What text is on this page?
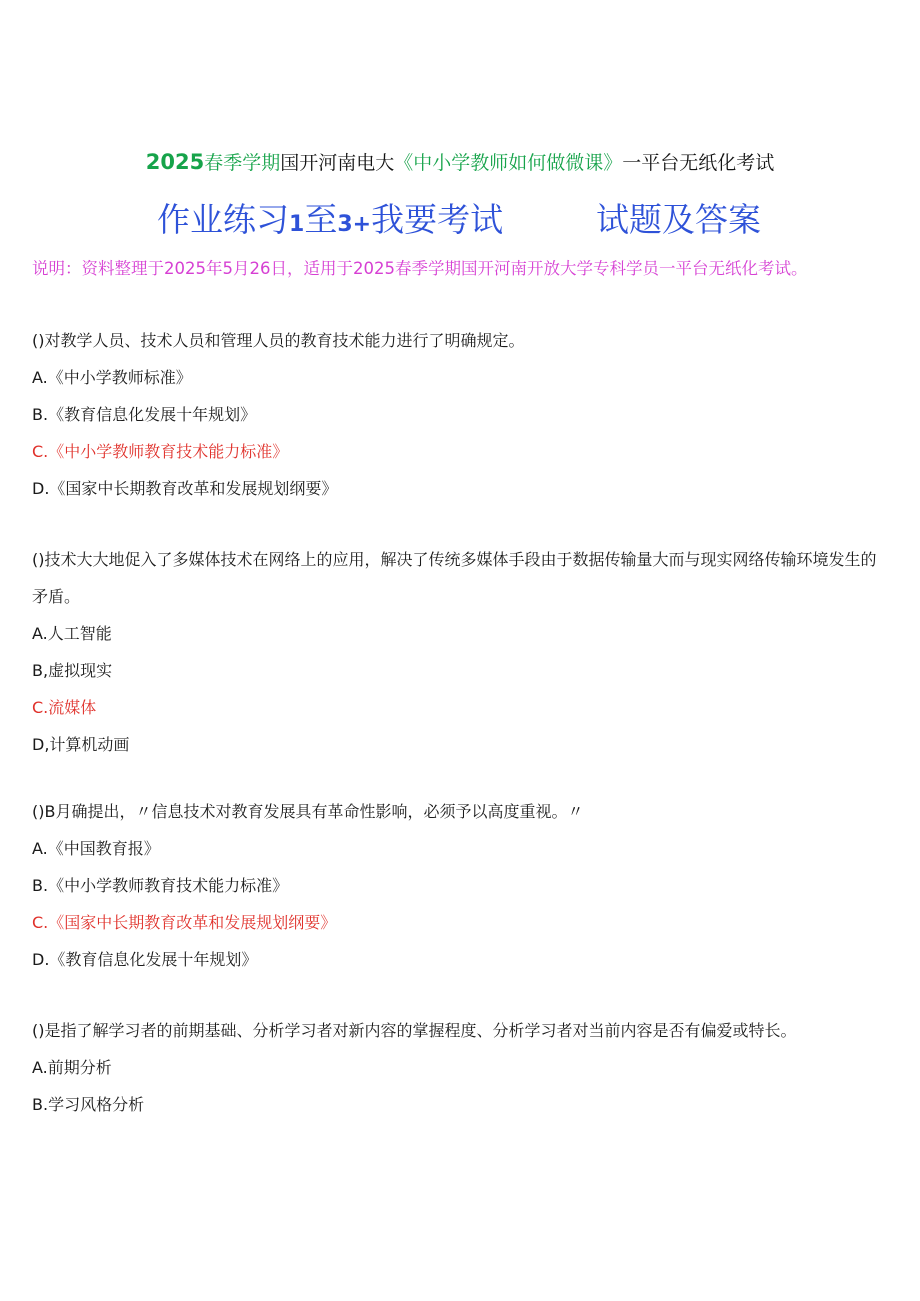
2025春季学期国开河南电大《中小学教师如何做微课》一平台无纸化考试
作业练习1至3+我要考试	试题及答案
说明：资料整理于2025年5月26日，适用于2025春季学期国开河南开放大学专科学员一平台无纸化考试。

()对教学人员、技术人员和管理人员的教育技术能力进行了明确规定。

A.《中小学教师标准》

B.《教育信息化发展十年规划》

C.《中小学教师教育技术能力标准》

D.《国家中长期教育改革和发展规划纲要》

()技术大大地促入了多媒体技术在网络上的应用，解决了传统多媒体手段由于数据传输量大而与现实网络传输环境发生的矛盾。

A.人工智能

B,虚拟现实

C.流媒体

D,计算机动画

()B月确提出，〃信息技术对教育发展具有革命性影响，必须予以高度重视。〃

A.《中国教育报》

B.《中小学教师教育技术能力标准》

C.《国家中长期教育改革和发展规划纲要》

D.《教育信息化发展十年规划》

()是指了解学习者的前期基础、分析学习者对新内容的掌握程度、分析学习者对当前内容是否有偏爱或特长。

A.前期分析

B.学习风格分析
